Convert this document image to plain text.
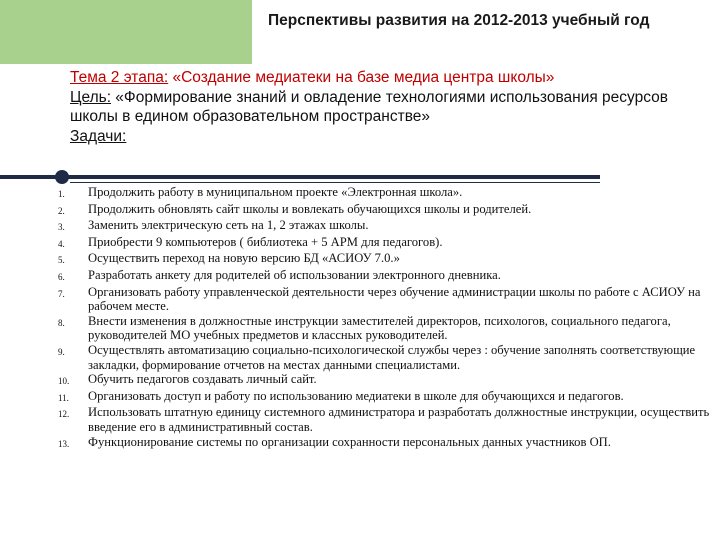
Перспективы развития на 2012-2013 учебный год

Тема 2 этапа: «Создание медиатеки на базе медиа центра школы»

Цель: «Формирование знаний и овладение технологиями использования ресурсов школы в едином образовательном пространстве»

Задачи:

1.	Продолжить работу в муниципальном проекте «Электронная школа».
2.	Продолжить обновлять сайт школы и вовлекать обучающихся школы и родителей.
3.	Заменить электрическую сеть на 1, 2 этажах школы.
4.	Приобрести 9 компьютеров ( библиотека + 5 АРМ для педагогов).
5.	Осуществить переход на новую версию БД «АСИОУ 7.0.»
6.	Разработать анкету для родителей об использовании электронного дневника.
7.	Организовать работу управленческой деятельности через обучение администрации школы по работе с АСИОУ на рабочем месте.
8.	Внести изменения в должностные инструкции заместителей директоров, психологов, социального педагога, руководителей МО учебных предметов и классных руководителей.
9.	Осуществлять автоматизацию социально-психологической службы через : обучение заполнять соответствующие закладки, формирование отчетов на местах данными специалистами.
10.	Обучить педагогов создавать личный сайт.
11.	Организовать доступ и работу по использованию медиатеки в школе для обучающихся и педагогов.
12.	Использовать штатную единицу системного администратора и разработать должностные инструкции, осуществить введение его в административный состав.
13.	Функционирование системы по организации сохранности персональных данных участников ОП.
